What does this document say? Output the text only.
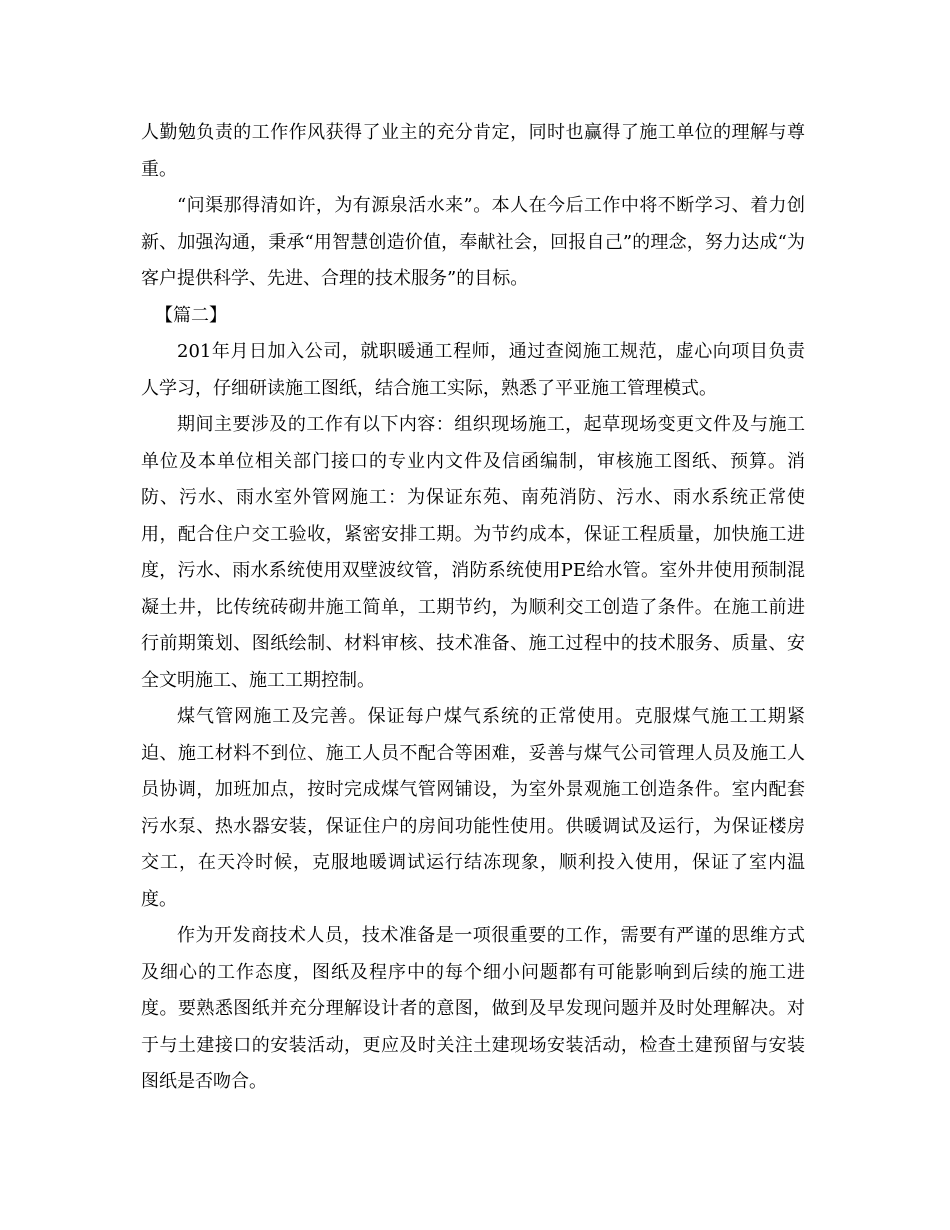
人勤勉负责的工作作风获得了业主的充分肯定，同时也赢得了施工单位的理解与尊重。

“问渠那得清如许，为有源泉活水来”。本人在今后工作中将不断学习、着力创新、加强沟通，秉承“用智慧创造价值，奉献社会，回报自己”的理念，努力达成“为客户提供科学、先进、合理的技术服务”的目标。

【篇二】

201年月日加入公司，就职暖通工程师，通过查阅施工规范，虚心向项目负责人学习，仔细研读施工图纸，结合施工实际，熟悉了平亚施工管理模式。

期间主要涉及的工作有以下内容：组织现场施工，起草现场变更文件及与施工单位及本单位相关部门接口的专业内文件及信函编制，审核施工图纸、预算。消防、污水、雨水室外管网施工：为保证东苑、南苑消防、污水、雨水系统正常使用，配合住户交工验收，紧密安排工期。为节约成本，保证工程质量，加快施工进度，污水、雨水系统使用双壁波纹管，消防系统使用PE给水管。室外井使用预制混凝土井，比传统砖砌井施工简单，工期节约，为顺利交工创造了条件。在施工前进行前期策划、图纸绘制、材料审核、技术准备、施工过程中的技术服务、质量、安全文明施工、施工工期控制。

煤气管网施工及完善。保证每户煤气系统的正常使用。克服煤气施工工期紧迫、施工材料不到位、施工人员不配合等困难，妥善与煤气公司管理人员及施工人员协调，加班加点，按时完成煤气管网铺设，为室外景观施工创造条件。室内配套污水泵、热水器安装，保证住户的房间功能性使用。供暖调试及运行，为保证楼房交工，在天冷时候，克服地暖调试运行结冻现象，顺利投入使用，保证了室内温度。

作为开发商技术人员，技术准备是一项很重要的工作，需要有严谨的思维方式及细心的工作态度，图纸及程序中的每个细小问题都有可能影响到后续的施工进度。要熟悉图纸并充分理解设计者的意图，做到及早发现问题并及时处理解决。对于与土建接口的安装活动，更应及时关注土建现场安装活动，检查土建预留与安装图纸是否吻合。
